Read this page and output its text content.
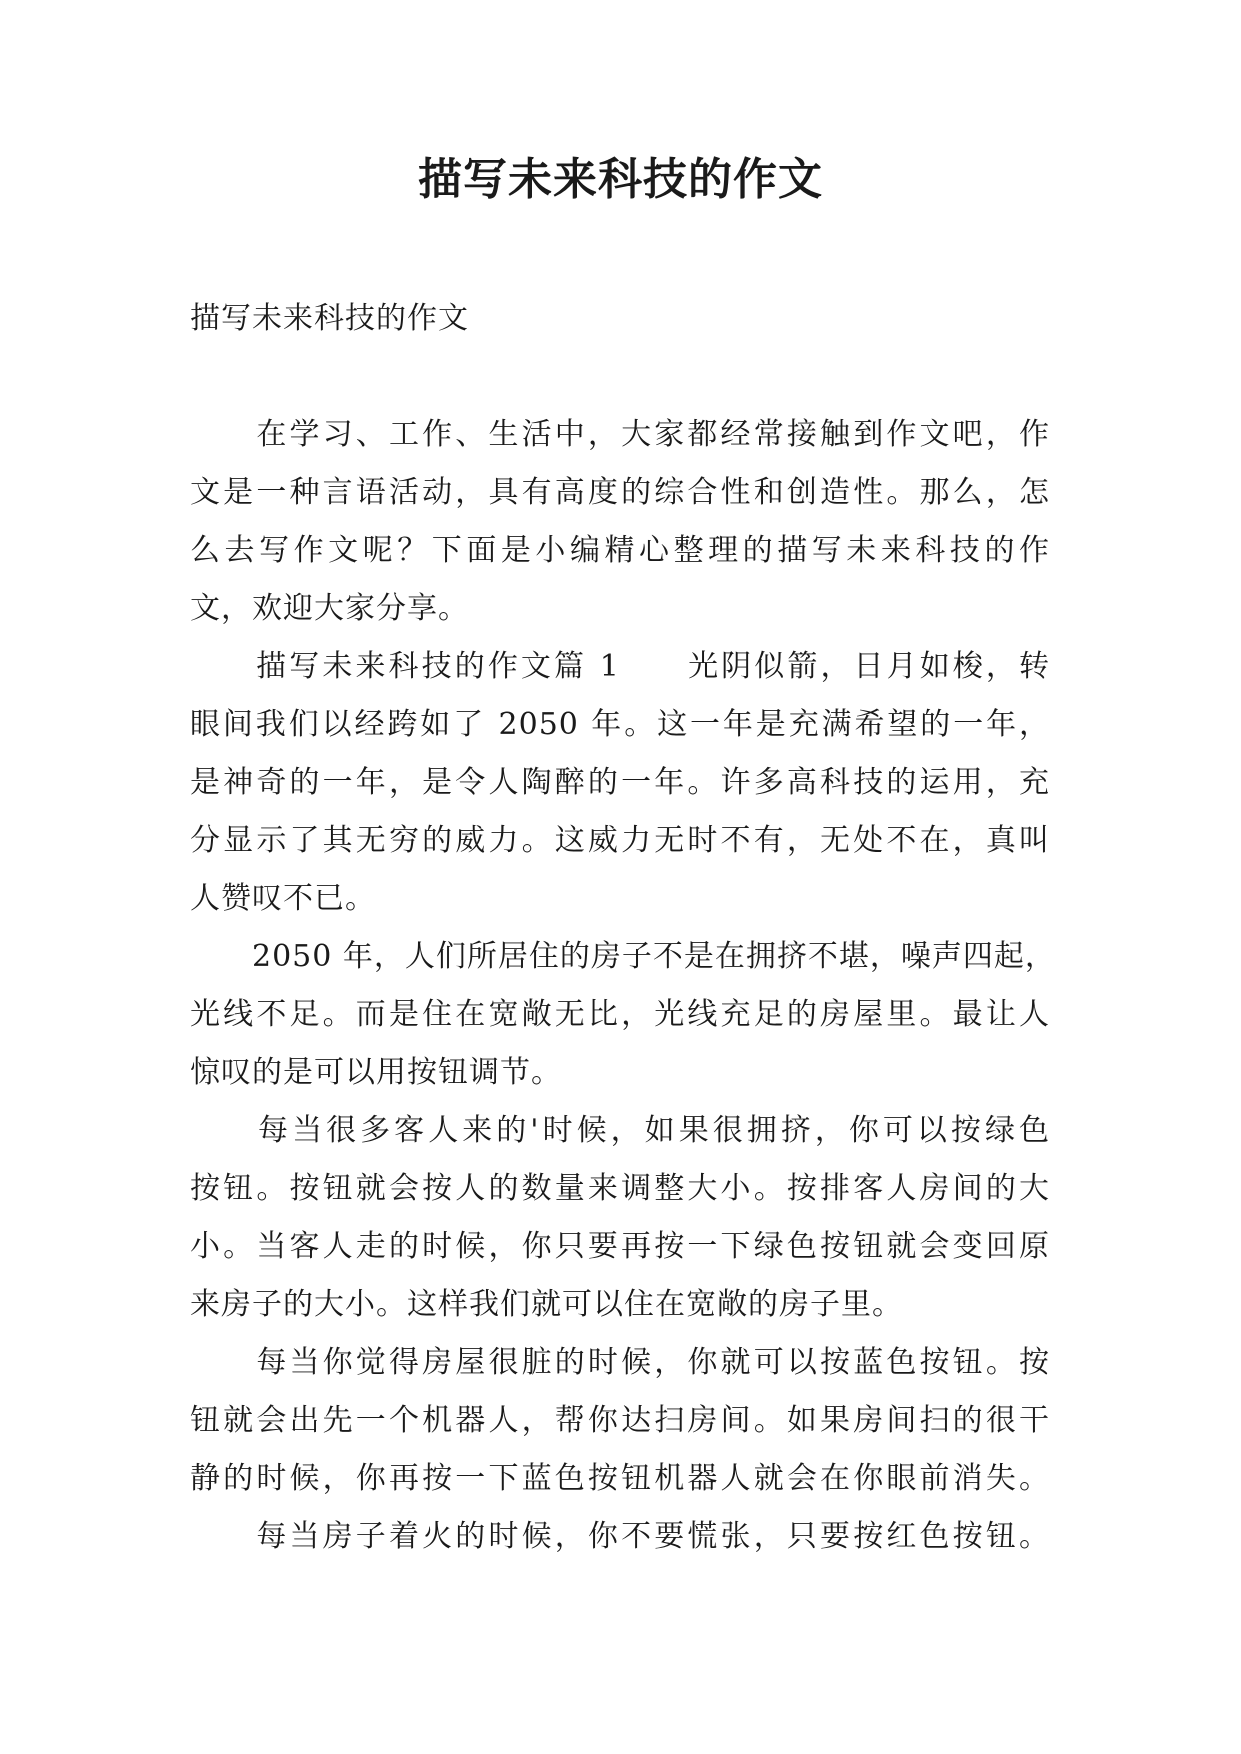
描写未来科技的作文
描写未来科技的作文
　　在学习、工作、生活中，大家都经常接触到作文吧，作
文是一种言语活动，具有高度的综合性和创造性。那么，怎
么去写作文呢？下面是小编精心整理的描写未来科技的作
文，欢迎大家分享。
　　描写未来科技的作文篇 1　　光阴似箭，日月如梭，转
眼间我们以经跨如了 2050 年。这一年是充满希望的一年，
是神奇的一年，是令人陶醉的一年。许多高科技的运用，充
分显示了其无穷的威力。这威力无时不有，无处不在，真叫
人赞叹不已。
　　2050 年，人们所居住的房子不是在拥挤不堪，噪声四起，
光线不足。而是住在宽敞无比，光线充足的房屋里。最让人
惊叹的是可以用按钮调节。
　　每当很多客人来的'时候，如果很拥挤，你可以按绿色
按钮。按钮就会按人的数量来调整大小。按排客人房间的大
小。当客人走的时候，你只要再按一下绿色按钮就会变回原
来房子的大小。这样我们就可以住在宽敞的房子里。
　　每当你觉得房屋很脏的时候，你就可以按蓝色按钮。按
钮就会出先一个机器人，帮你达扫房间。如果房间扫的很干
静的时候，你再按一下蓝色按钮机器人就会在你眼前消失。
　　每当房子着火的时候，你不要慌张，只要按红色按钮。
